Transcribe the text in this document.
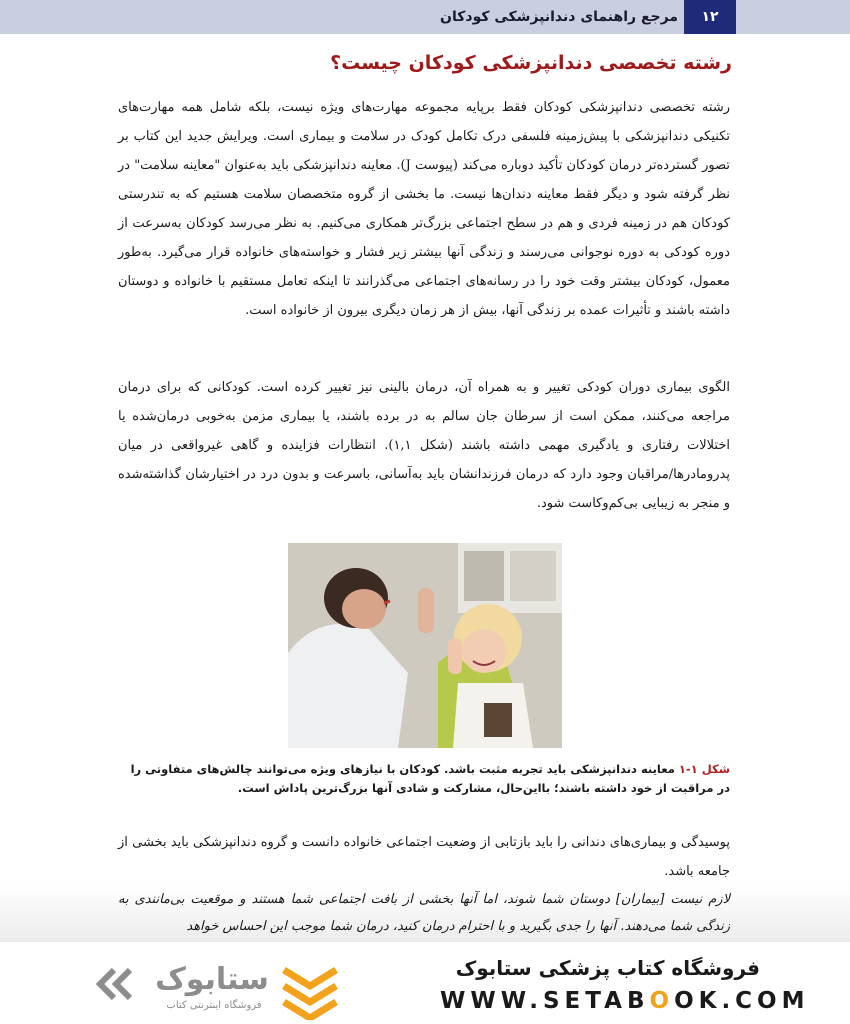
مرجع راهنمای دندانپزشکی کودکان	۱۲
رشته تخصصی دندانپزشکی کودکان چیست؟

رشته تخصصی دندانپزشکی کودکان فقط بر‌پایه مجموعه مهارت‌های ویژه نیست، بلکه شامل همه مهارت‌های تکنیکی دندانپزشکی با پیش‌زمینه فلسفی درک تکامل کودک در سلامت و بیماری است. ویرایش جدید این کتاب بر تصور گسترده‌تر درمان کودکان تأکید دوباره می‌کند (پیوست J). معاینه دندانپزشکی باید به‌عنوان "معاینه سلامت" در نظر گرفته شود و دیگر فقط معاینه دندان‌ها نیست. ما بخشی از گروه متخصصان سلامت هستیم که به تندرستی کودکان هم در زمینه فردی و هم در سطح اجتماعی بزرگ‌تر همکاری می‌کنیم. به نظر می‌رسد کودکان به‌سرعت از دوره کودکی به دوره نوجوانی می‌رسند و زندگی آنها بیشتر زیر فشار و خواسته‌های خانواده قرار می‌گیرد. به‌طور معمول، کودکان بیشتر وقت خود را در رسانه‌های اجتماعی می‌گذرانند تا اینکه تعامل مستقیم با خانواده و دوستان داشته باشند و تأثیرات عمده بر زندگی آنها، بیش از هر زمان دیگری بیرون از خانواده است.

الگوی بیماری دوران کودکی تغییر و به همراه آن، درمان بالینی نیز تغییر کرده است. کودکانی که برای درمان مراجعه می‌کنند، ممکن است از سرطان جان سالم به در برده باشند، یا بیماری مزمن به‌خوبی درمان‌شده یا اختلالات رفتاری و یادگیری مهمی داشته باشند (شکل ۱,۱). انتظارات فزاینده و گاهی غیرواقعی در میان پدرومادرها/مراقبان وجود دارد که درمان فرزندانشان باید به‌آسانی، باسرعت و بدون درد در اختیارشان گذاشته‌شده و منجر به زیبایی بی‌کم‌وکاست شود.

شکل ۱-۱ معاینه دندانپزشکی باید تجربه مثبت باشد. کودکان با نیازهای ویژه می‌توانند چالش‌های متفاوتی را در مراقبت از خود داشته باشند؛ بااین‌حال، مشارکت و شادی آنها بزرگ‌ترین پاداش است.

پوسیدگی و بیماری‌های دندانی را باید بازتابی از وضعیت اجتماعی خانواده دانست و گروه دندانپزشکی باید بخشی از جامعه باشد.

لازم نیست [بیماران] دوستان شما شوند، اما آنها بخشی از بافت اجتماعی شما هستند و موقعیت بی‌مانندی به زندگی شما می‌دهند. آنها را جدی بگیرید و با احترام درمان کنید، درمان شما موجب این احساس خواهد

ستابوک
فروشگاه اینترنتی کتاب
فروشگاه کتاب پزشکی ستابوک
WWW.SETABOOK.COM
